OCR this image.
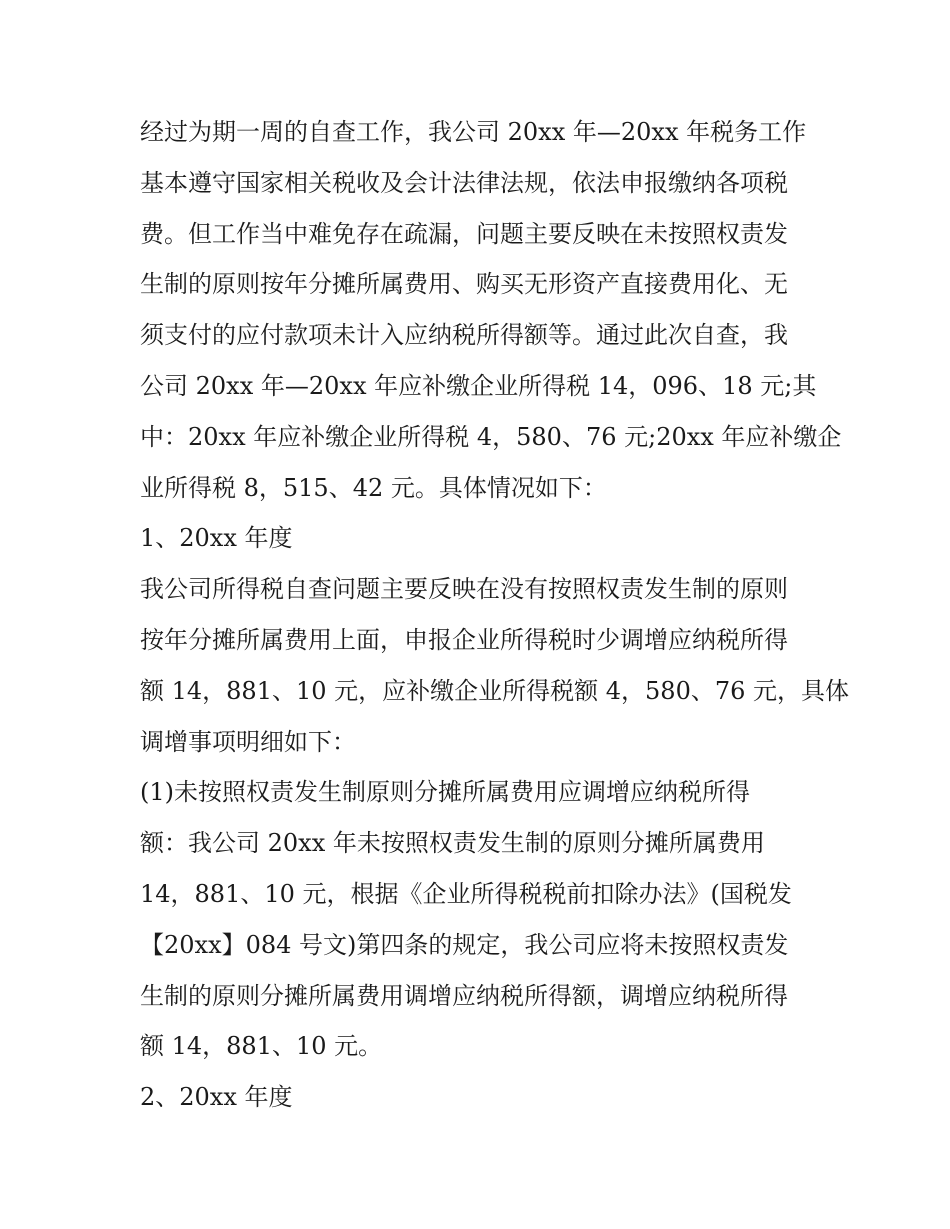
经过为期一周的自查工作，我公司 20xx 年—20xx 年税务工作
基本遵守国家相关税收及会计法律法规，依法申报缴纳各项税
费。但工作当中难免存在疏漏，问题主要反映在未按照权责发
生制的原则按年分摊所属费用、购买无形资产直接费用化、无
须支付的应付款项未计入应纳税所得额等。通过此次自查，我
公司 20xx 年—20xx 年应补缴企业所得税 14，096、18 元;其
中：20xx 年应补缴企业所得税 4，580、76 元;20xx 年应补缴企
业所得税 8，515、42 元。具体情况如下：
1、20xx 年度
我公司所得税自查问题主要反映在没有按照权责发生制的原则
按年分摊所属费用上面，申报企业所得税时少调增应纳税所得
额 14，881、10 元，应补缴企业所得税额 4，580、76 元，具体
调增事项明细如下：
(1)未按照权责发生制原则分摊所属费用应调增应纳税所得
额：我公司 20xx 年未按照权责发生制的原则分摊所属费用
14，881、10 元，根据《企业所得税税前扣除办法》(国税发
【20xx】084 号文)第四条的规定，我公司应将未按照权责发
生制的原则分摊所属费用调增应纳税所得额，调增应纳税所得
额 14，881、10 元。
2、20xx 年度
